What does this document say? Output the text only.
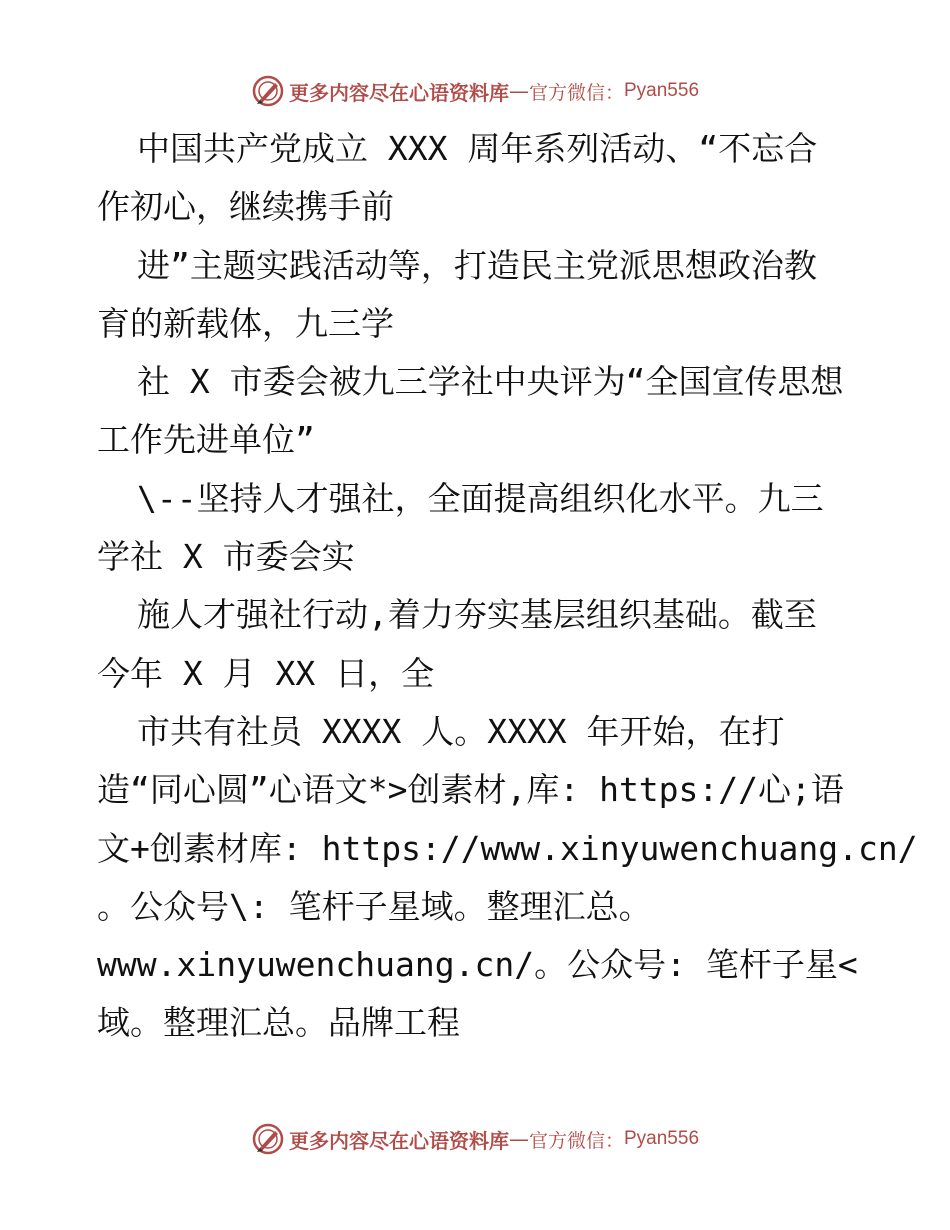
更多内容尽在心语资料库 — 官方微信： Pyan556
中国共产党成立 XXX 周年系列活动、“不忘合
作初心，继续携手前
进”主题实践活动等，打造民主党派思想政治教
育的新载体，九三学
社 X 市委会被九三学社中央评为“全国宣传思想
工作先进单位”
\--坚持人才强社，全面提高组织化水平。九三
学社 X 市委会实
施人才强社行动,着力夯实基层组织基础。截至
今年 X 月 XX 日，全
市共有社员 XXXX 人。XXXX 年开始，在打
造“同心圆”心语文*>创素材,库: https://心;语
文+创素材库: https://www.xinyuwenchuang.cn/
。公众号\: 笔杆子星域。整理汇总。
www.xinyuwenchuang.cn/。公众号: 笔杆子星<
域。整理汇总。品牌工程
更多内容尽在心语资料库 — 官方微信： Pyan556
